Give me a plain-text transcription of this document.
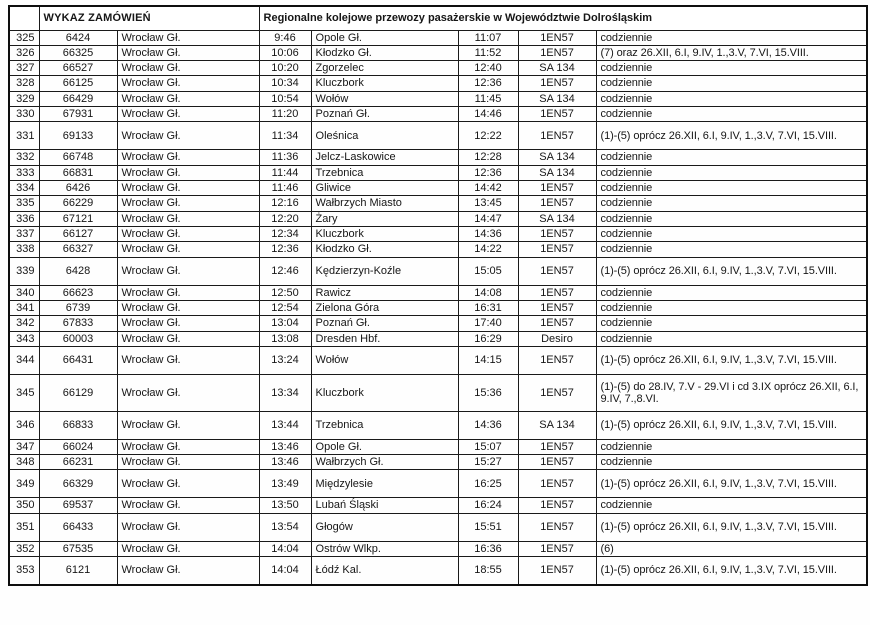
	WYKAZ ZAMÓWIEŃ		Regionalne kolejowe przewozy pasażerskie w Województwie Dolrośląskim				
325	6424	Wrocław Gł.	9:46	Opole Gł.	11:07	1EN57	codziennie
326	66325	Wrocław Gł.	10:06	Kłodzko Gł.	11:52	1EN57	(7) oraz 26.XII, 6.I, 9.IV, 1.,3.V, 7.VI, 15.VIII.
327	66527	Wrocław Gł.	10:20	Zgorzelec	12:40	SA 134	codziennie
328	66125	Wrocław Gł.	10:34	Kluczbork	12:36	1EN57	codziennie
329	66429	Wrocław Gł.	10:54	Wołów	11:45	SA 134	codziennie
330	67931	Wrocław Gł.	11:20	Poznań Gł.	14:46	1EN57	codziennie
331	69133	Wrocław Gł.	11:34	Oleśnica	12:22	1EN57	(1)-(5) oprócz 26.XII, 6.I, 9.IV, 1.,3.V, 7.VI, 15.VIII.
332	66748	Wrocław Gł.	11:36	Jelcz-Laskowice	12:28	SA 134	codziennie
333	66831	Wrocław Gł.	11:44	Trzebnica	12:36	SA 134	codziennie
334	6426	Wrocław Gł.	11:46	Gliwice	14:42	1EN57	codziennie
335	66229	Wrocław Gł.	12:16	Wałbrzych Miasto	13:45	1EN57	codziennie
336	67121	Wrocław Gł.	12:20	Żary	14:47	SA 134	codziennie
337	66127	Wrocław Gł.	12:34	Kluczbork	14:36	1EN57	codziennie
338	66327	Wrocław Gł.	12:36	Kłodzko Gł.	14:22	1EN57	codziennie
339	6428	Wrocław Gł.	12:46	Kędzierzyn-Koźle	15:05	1EN57	(1)-(5) oprócz 26.XII, 6.I, 9.IV, 1.,3.V, 7.VI, 15.VIII.
340	66623	Wrocław Gł.	12:50	Rawicz	14:08	1EN57	codziennie
341	6739	Wrocław Gł.	12:54	Zielona Góra	16:31	1EN57	codziennie
342	67833	Wrocław Gł.	13:04	Poznań Gł.	17:40	1EN57	codziennie
343	60003	Wrocław Gł.	13:08	Dresden Hbf.	16:29	Desiro	codziennie
344	66431	Wrocław Gł.	13:24	Wołów	14:15	1EN57	(1)-(5) oprócz 26.XII, 6.I, 9.IV, 1.,3.V, 7.VI, 15.VIII.
345	66129	Wrocław Gł.	13:34	Kluczbork	15:36	1EN57	(1)-(5) do 28.IV, 7.V - 29.VI i cd 3.IX oprócz 26.XII, 6.I, 9.IV, 7.,8.VI.
346	66833	Wrocław Gł.	13:44	Trzebnica	14:36	SA 134	(1)-(5) oprócz 26.XII, 6.I, 9.IV, 1.,3.V, 7.VI, 15.VIII.
347	66024	Wrocław Gł.	13:46	Opole Gł.	15:07	1EN57	codziennie
348	66231	Wrocław Gł.	13:46	Wałbrzych Gł.	15:27	1EN57	codziennie
349	66329	Wrocław Gł.	13:49	Międzylesie	16:25	1EN57	(1)-(5) oprócz 26.XII, 6.I, 9.IV, 1.,3.V, 7.VI, 15.VIII.
350	69537	Wrocław Gł.	13:50	Lubań Śląski	16:24	1EN57	codziennie
351	66433	Wrocław Gł.	13:54	Głogów	15:51	1EN57	(1)-(5) oprócz 26.XII, 6.I, 9.IV, 1.,3.V, 7.VI, 15.VIII.
352	67535	Wrocław Gł.	14:04	Ostrów Wlkp.	16:36	1EN57	(6)
353	6121	Wrocław Gł.	14:04	Łódź Kal.	18:55	1EN57	(1)-(5) oprócz 26.XII, 6.I, 9.IV, 1.,3.V, 7.VI, 15.VIII.
